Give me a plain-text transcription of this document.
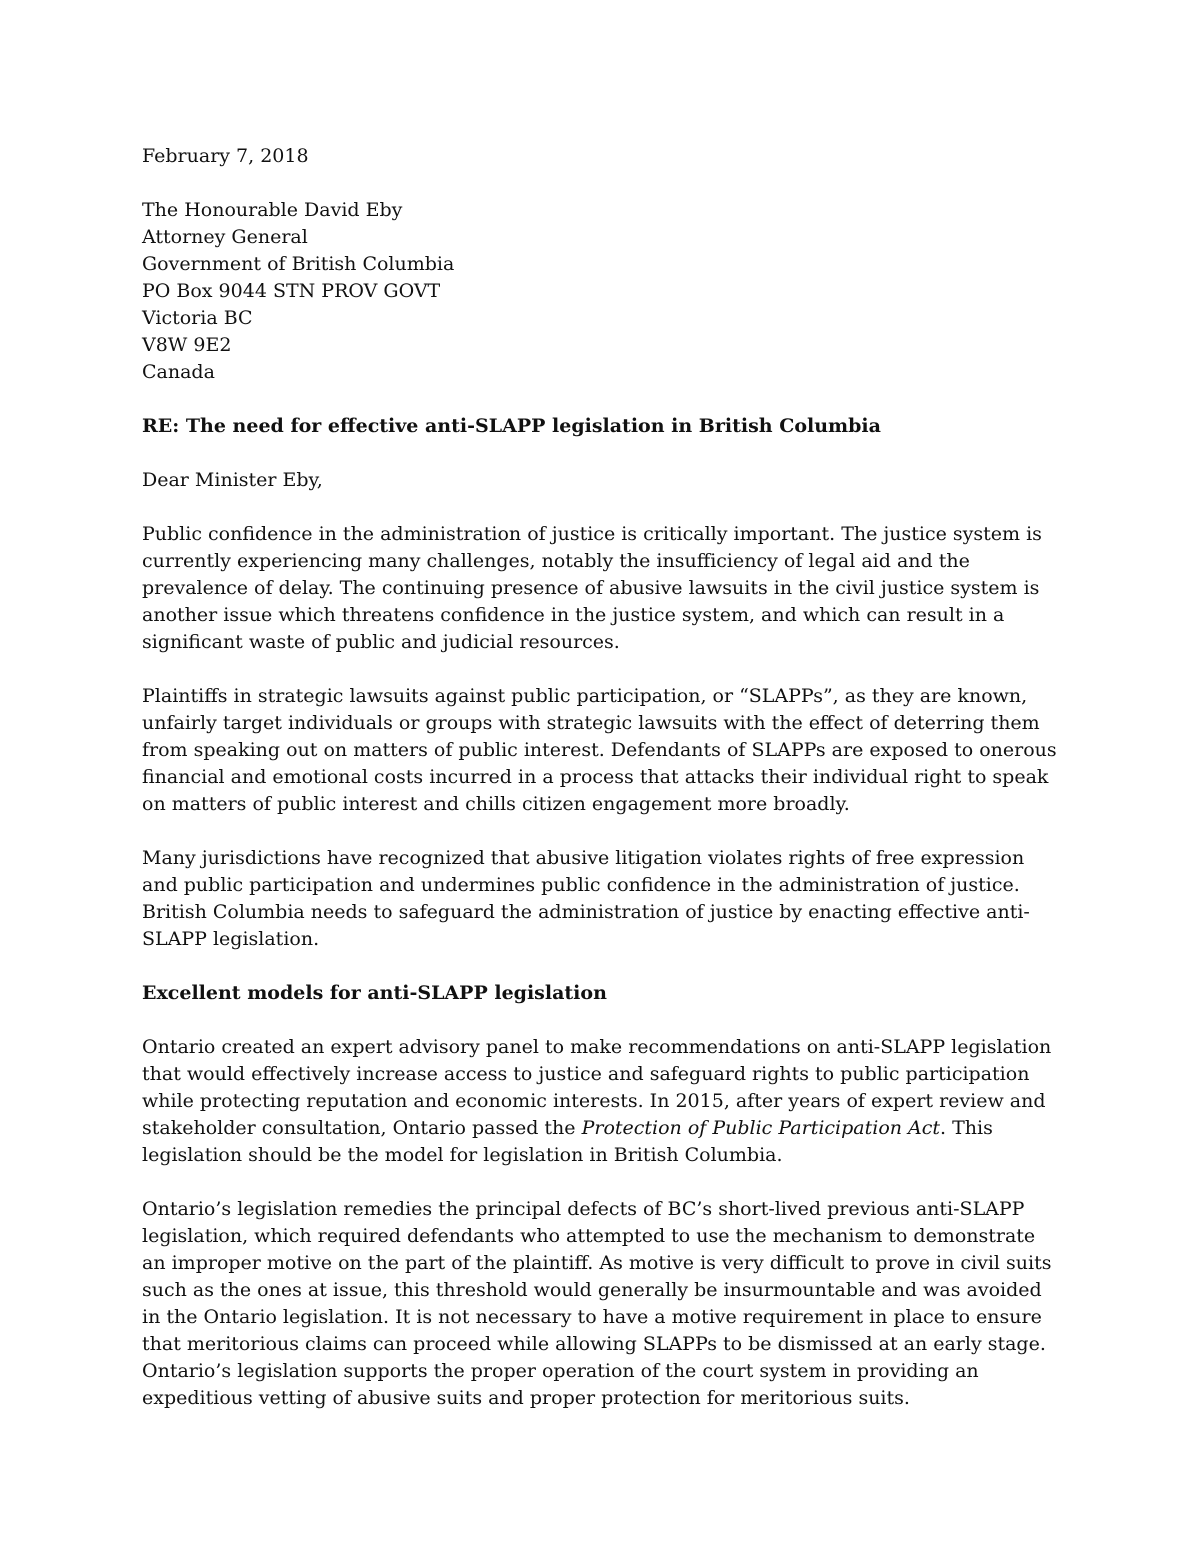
February 7, 2018

The Honourable David Eby
Attorney General
Government of British Columbia
PO Box 9044 STN PROV GOVT
Victoria BC
V8W 9E2
Canada

RE: The need for effective anti-SLAPP legislation in British Columbia

Dear Minister Eby,

Public confidence in the administration of justice is critically important. The justice system is currently experiencing many challenges, notably the insufficiency of legal aid and the prevalence of delay. The continuing presence of abusive lawsuits in the civil justice system is another issue which threatens confidence in the justice system, and which can result in a significant waste of public and judicial resources.

Plaintiffs in strategic lawsuits against public participation, or “SLAPPs”, as they are known, unfairly target individuals or groups with strategic lawsuits with the effect of deterring them from speaking out on matters of public interest. Defendants of SLAPPs are exposed to onerous financial and emotional costs incurred in a process that attacks their individual right to speak on matters of public interest and chills citizen engagement more broadly.

Many jurisdictions have recognized that abusive litigation violates rights of free expression and public participation and undermines public confidence in the administration of justice. British Columbia needs to safeguard the administration of justice by enacting effective anti-SLAPP legislation.

Excellent models for anti-SLAPP legislation

Ontario created an expert advisory panel to make recommendations on anti-SLAPP legislation that would effectively increase access to justice and safeguard rights to public participation while protecting reputation and economic interests. In 2015, after years of expert review and stakeholder consultation, Ontario passed the Protection of Public Participation Act. This legislation should be the model for legislation in British Columbia.

Ontario’s legislation remedies the principal defects of BC’s short-lived previous anti-SLAPP legislation, which required defendants who attempted to use the mechanism to demonstrate an improper motive on the part of the plaintiff. As motive is very difficult to prove in civil suits such as the ones at issue, this threshold would generally be insurmountable and was avoided in the Ontario legislation. It is not necessary to have a motive requirement in place to ensure that meritorious claims can proceed while allowing SLAPPs to be dismissed at an early stage. Ontario’s legislation supports the proper operation of the court system in providing an expeditious vetting of abusive suits and proper protection for meritorious suits.
